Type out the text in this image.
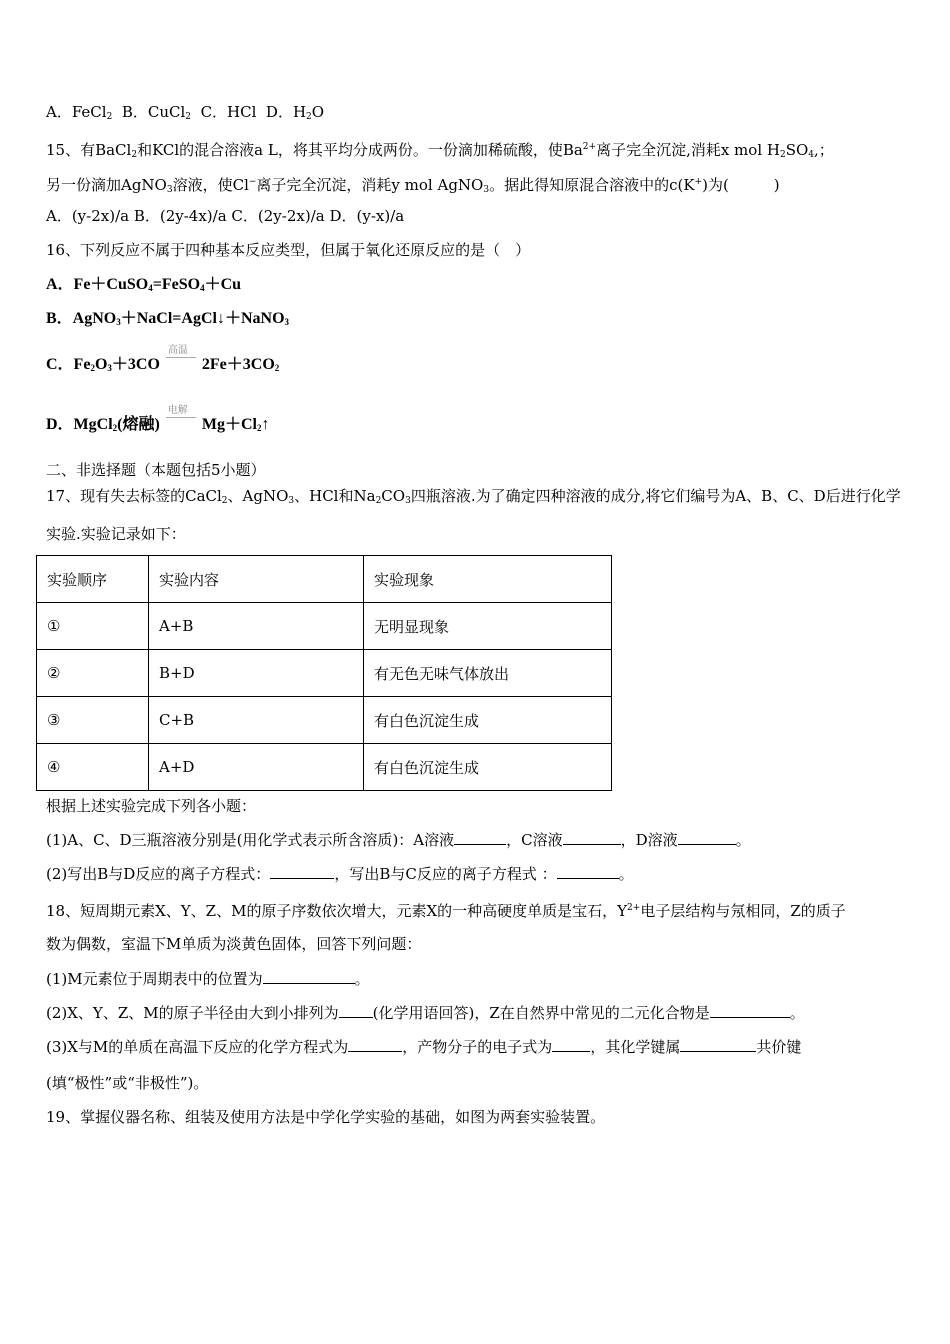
A．FeCl$_2$  B．CuCl$_2$  C．HCl  D．$H_2O$
15、有BaCl$_2$和KCl的混合溶液a L，将其平均分成两份。一份滴加稀硫酸，使$Ba^{2+}$离子完全沉淀,消耗x mol $H_2SO_4$,；
另一份滴加AgNO$_3$溶液，使Cl−离子完全沉淀，消耗y mol AgNO$_3$。据此得知原混合溶液中的c(K+)为(　　　)
A．(y-2x)/a B．(2y-4x)/a C．(2y-2x)/a D．(y-x)/a
16、下列反应不属于四种基本反应类型，但属于氧化还原反应的是（　）
A．Fe＋CuSO$_4$=FeSO$_4$＋Cu
B．AgNO$_3$＋NaCl=AgCl↓＋NaNO$_3$
C．$Fe_2O_3+3CO$
高温
$2Fe+3CO_2$
D．MgCl$_2$(熔融)
电解
$Mg+Cl_2↑$
二、非选择题（本题包括5小题）
17、现有失去标签的CaCl$_2$、AgNO$_3$、HCl和$Na_2CO_3$四瓶溶液.为了确定四种溶液的成分,将它们编号为A、B、C、D后进行化学
实验.实验记录如下：
实验顺序	实验内容	实验现象
①	A+B	无明显现象
②	B+D	有无色无味气体放出
③	C+B	有白色沉淀生成
④	A+D	有白色沉淀生成
根据上述实验完成下列各小题：
(1)A、C、D三瓶溶液分别是(用化学式表示所含溶质)：A溶液	，C溶液	，D溶液	。
(2)写出B与D反应的离子方程式：	，写出B与C反应的离子方程式 ：	。
18、短周期元素X、Y、Z、M的原子序数依次增大，元素X的一种高硬度单质是宝石，$Y^{2+}$电子层结构与氖相同，Z的质子
数为偶数，室温下M单质为淡黄色固体，回答下列问题：
(1)M元素位于周期表中的位置为	。
(2)X、Y、Z、M的原子半径由大到小排列为 (化学用语回答)，Z在自然界中常见的二元化合物是	。
(3)X与M的单质在高温下反应的化学方程式为	，产物分子的电子式为	，其化学键属	共价键
(填“极性”或“非极性”)。
19、掌握仪器名称、组装及使用方法是中学化学实验的基础，如图为两套实验装置。
